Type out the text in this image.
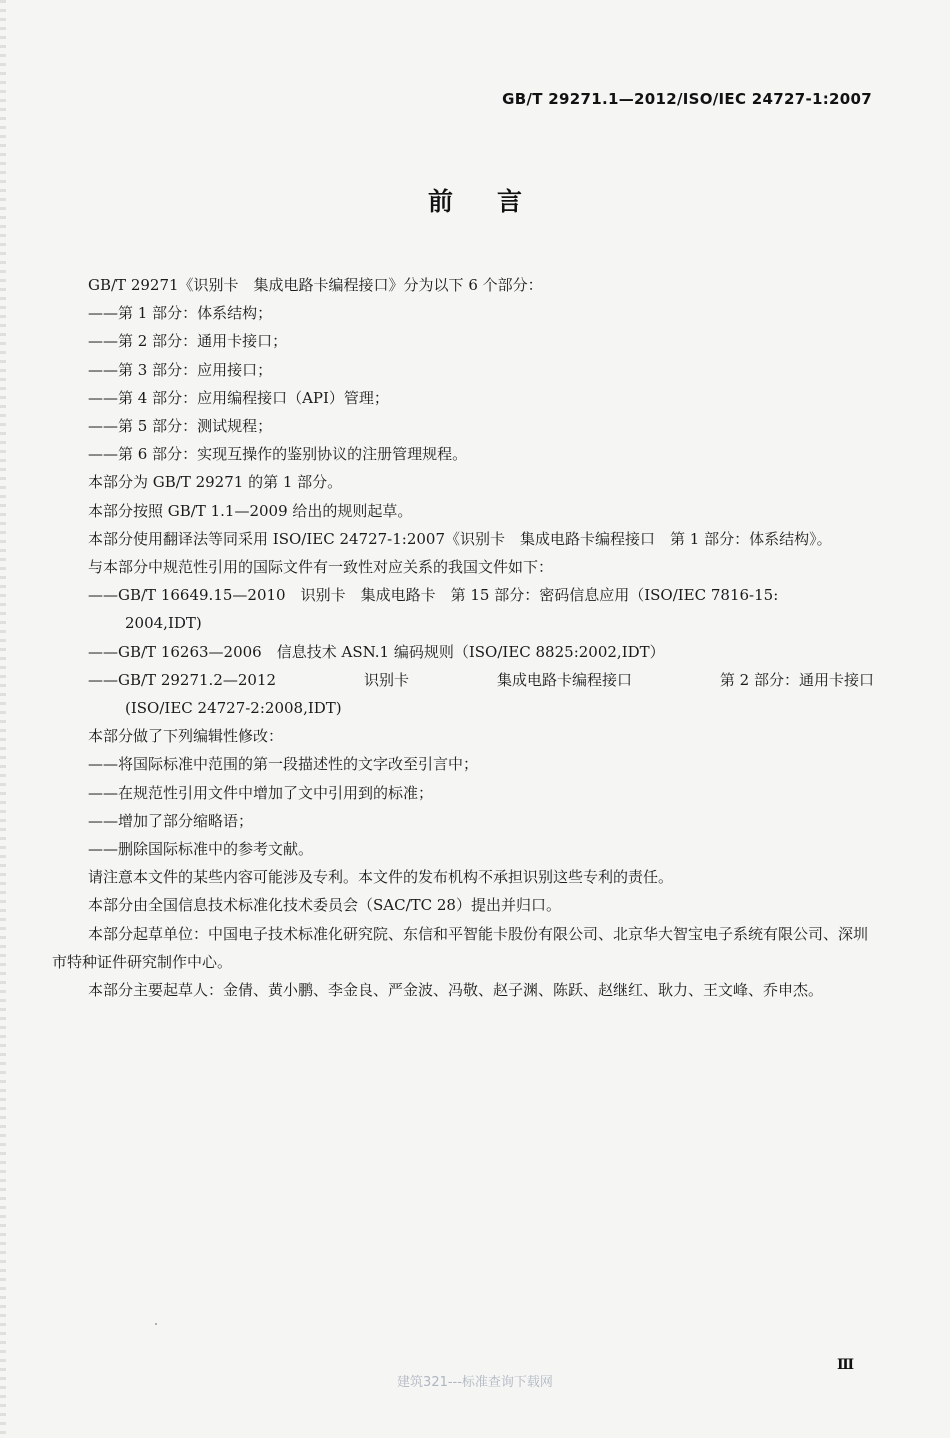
GB/T 29271.1—2012/ISO/IEC 24727-1:2007
前言
GB/T 29271《识别卡　集成电路卡编程接口》分为以下 6 个部分：
——第 1 部分：体系结构；
——第 2 部分：通用卡接口；
——第 3 部分：应用接口；
——第 4 部分：应用编程接口（API）管理；
——第 5 部分：测试规程；
——第 6 部分：实现互操作的鉴别协议的注册管理规程。
本部分为 GB/T 29271 的第 1 部分。
本部分按照 GB/T 1.1—2009 给出的规则起草。
本部分使用翻译法等同采用 ISO/IEC 24727-1:2007《识别卡　集成电路卡编程接口　第 1 部分：体系结构》。
与本部分中规范性引用的国际文件有一致性对应关系的我国文件如下：
——GB/T 16649.15—2010　识别卡　集成电路卡　第 15 部分：密码信息应用（ISO/IEC 7816-15:
2004,IDT)
——GB/T 16263—2006　信息技术 ASN.1 编码规则（ISO/IEC 8825:2002,IDT）
——GB/T 29271.2—2012	识别卡	集成电路卡编程接口	第 2 部分：通用卡接口
(ISO/IEC 24727-2:2008,IDT)
本部分做了下列编辑性修改：
——将国际标准中范围的第一段描述性的文字改至引言中；
——在规范性引用文件中增加了文中引用到的标准；
——增加了部分缩略语；
——删除国际标准中的参考文献。
请注意本文件的某些内容可能涉及专利。本文件的发布机构不承担识别这些专利的责任。
本部分由全国信息技术标准化技术委员会（SAC/TC 28）提出并归口。
本部分起草单位：中国电子技术标准化研究院、东信和平智能卡股份有限公司、北京华大智宝电子系统有限公司、深圳市特种证件研究制作中心。
本部分主要起草人：金倩、黄小鹏、李金良、严金波、冯敬、赵子渊、陈跃、赵继红、耿力、王文峰、乔申杰。
Ⅲ
建筑321---标准查询下载网
